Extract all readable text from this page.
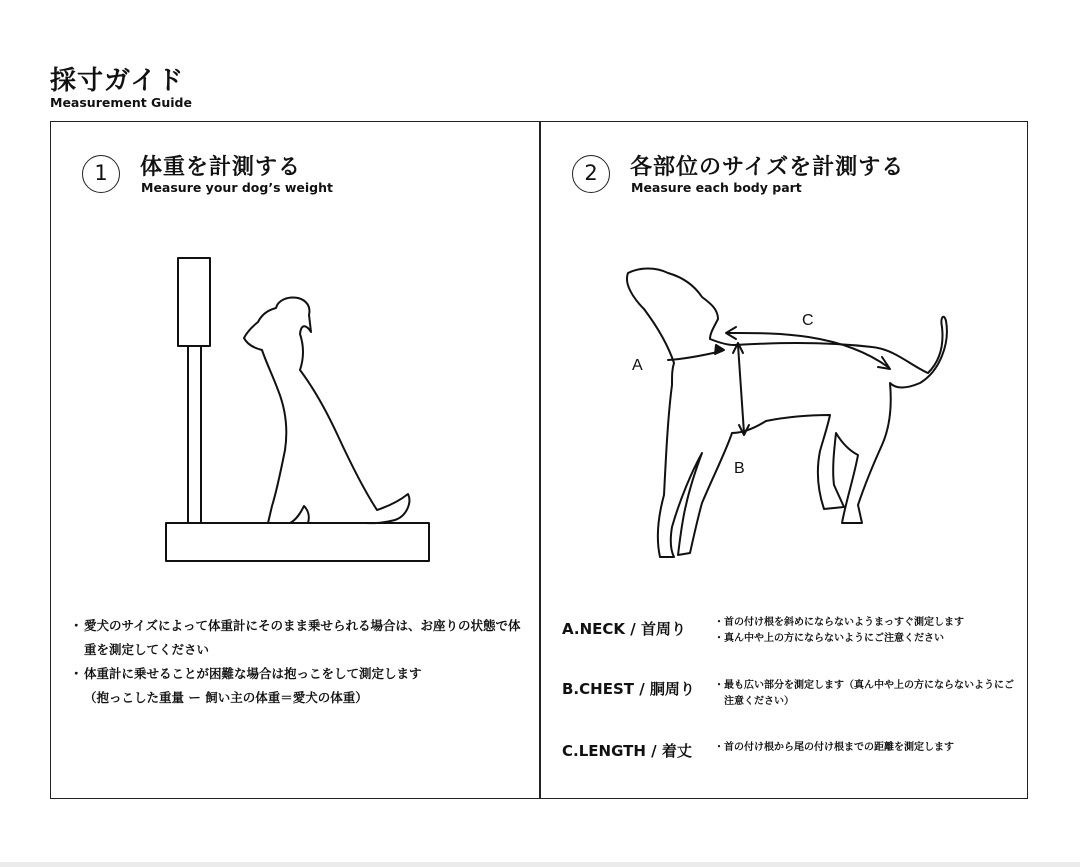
採寸ガイド
Measurement Guide
1	体重を計測する
Measure your dog’s weight
・ 愛犬のサイズによって体重計にそのまま乗せられる場合は、お座りの状態で体重を測定してください
・ 体重計に乗せることが困難な場合は抱っこをして測定します
（抱っこした重量 ー 飼い主の体重＝愛犬の体重）
2	各部位のサイズを計測する
Measure each body part
A
B
C
A.NECK / 首周り	・ 首の付け根を斜めにならないようまっすぐ測定します
・ 真ん中や上の方にならないようにご注意ください
B.CHEST / 胴周り ・ 最も広い部分を測定します（真ん中や上の方にならないようにご注意ください）
C.LENGTH / 着丈 ・ 首の付け根から尾の付け根までの距離を測定します
